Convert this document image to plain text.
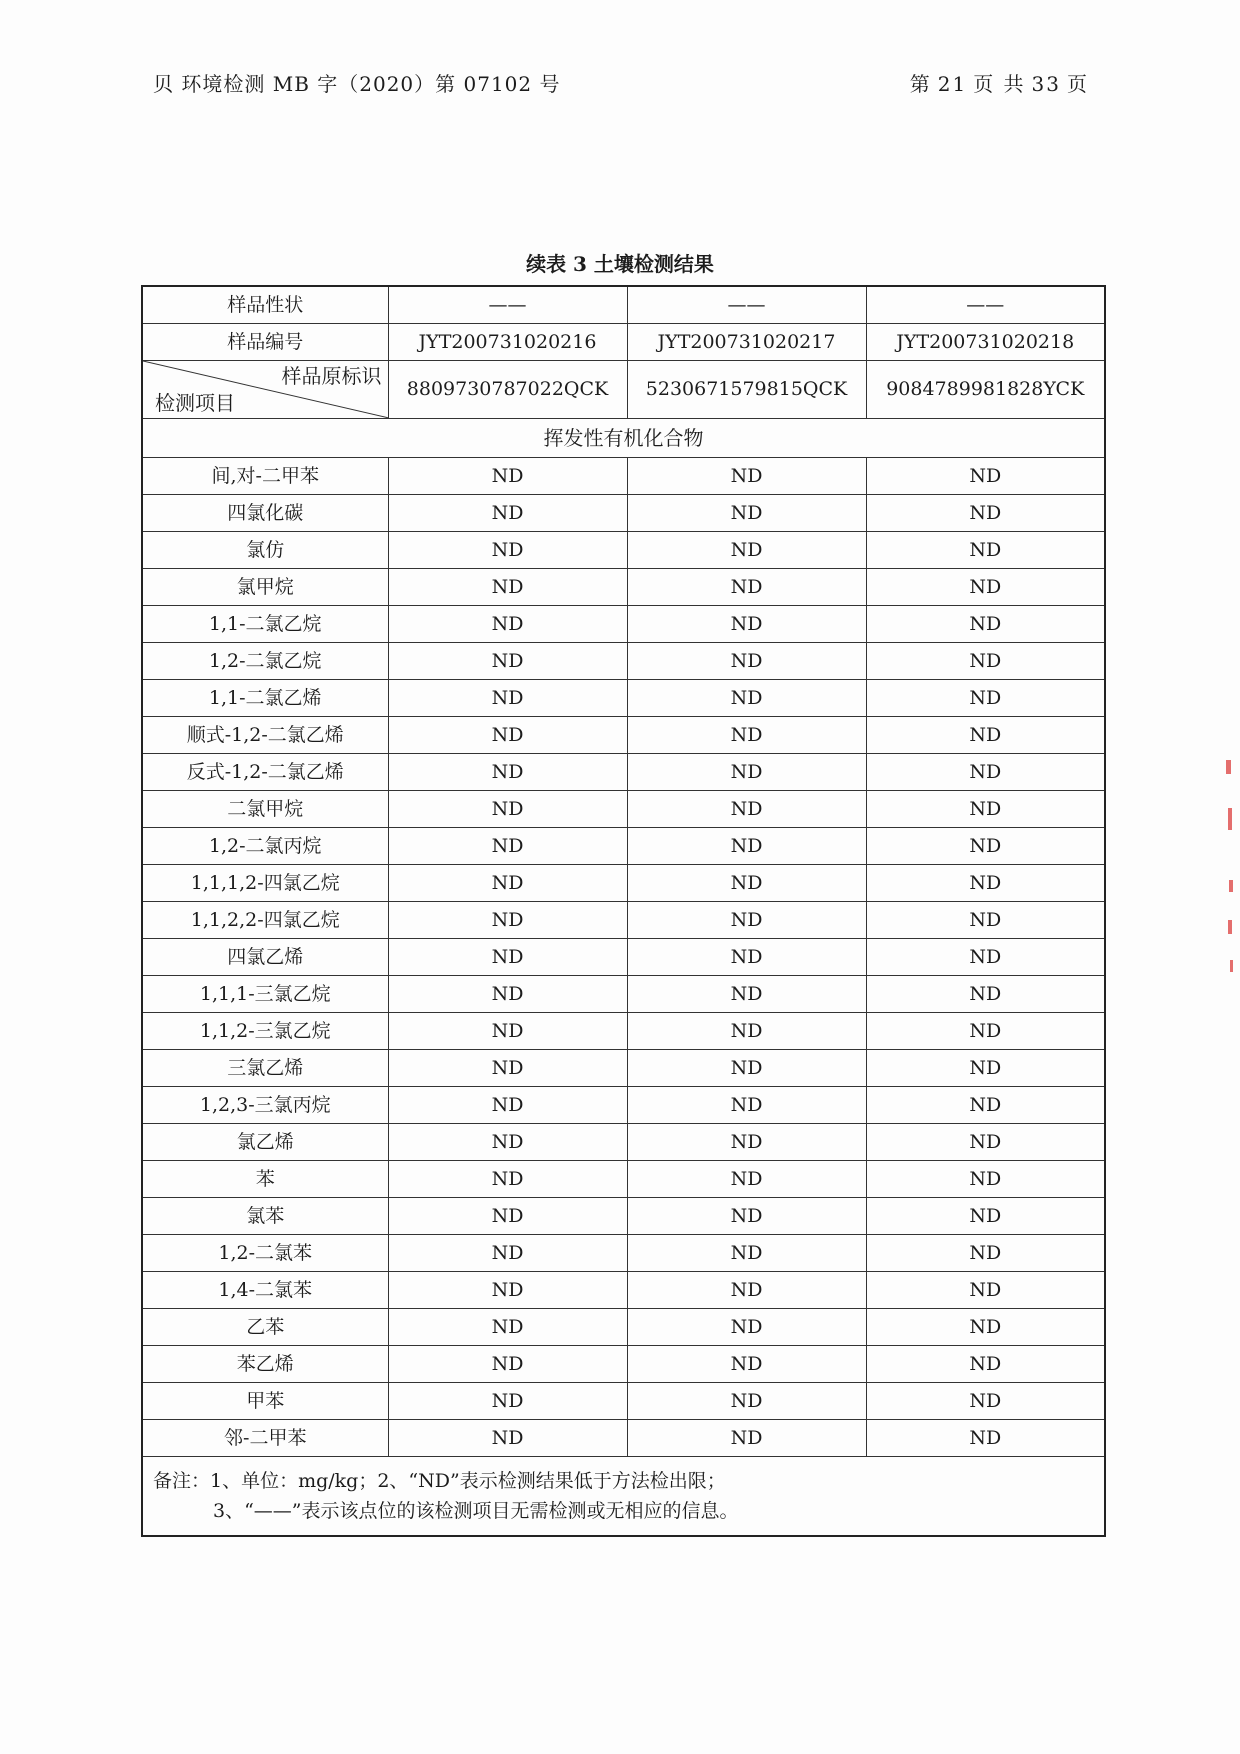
贝 环境检测 MB 字（2020）第 07102 号	第 21 页 共 33 页
续表 3 土壤检测结果
样品性状	——	——	——
样品编号	JYT200731020216	JYT200731020217	JYT200731020218

样品原标识
检测项目	8809730787022QCK	5230671579815QCK	9084789981828YCK
挥发性有机化合物			
间,对-二甲苯	ND	ND	ND
四氯化碳	ND	ND	ND
氯仿	ND	ND	ND
氯甲烷	ND	ND	ND
1,1-二氯乙烷	ND	ND	ND
1,2-二氯乙烷	ND	ND	ND
1,1-二氯乙烯	ND	ND	ND
顺式-1,2-二氯乙烯	ND	ND	ND
反式-1,2-二氯乙烯	ND	ND	ND
二氯甲烷	ND	ND	ND
1,2-二氯丙烷	ND	ND	ND
1,1,1,2-四氯乙烷	ND	ND	ND
1,1,2,2-四氯乙烷	ND	ND	ND
四氯乙烯	ND	ND	ND
1,1,1-三氯乙烷	ND	ND	ND
1,1,2-三氯乙烷	ND	ND	ND
三氯乙烯	ND	ND	ND
1,2,3-三氯丙烷	ND	ND	ND
氯乙烯	ND	ND	ND
苯	ND	ND	ND
氯苯	ND	ND	ND
1,2-二氯苯	ND	ND	ND
1,4-二氯苯	ND	ND	ND
乙苯	ND	ND	ND
苯乙烯	ND	ND	ND
甲苯	ND	ND	ND
邻-二甲苯	ND	ND	ND

备注：1、单位：mg/kg；2、“ND”表示检测结果低于方法检出限；
3、“——”表示该点位的该检测项目无需检测或无相应的信息。			
